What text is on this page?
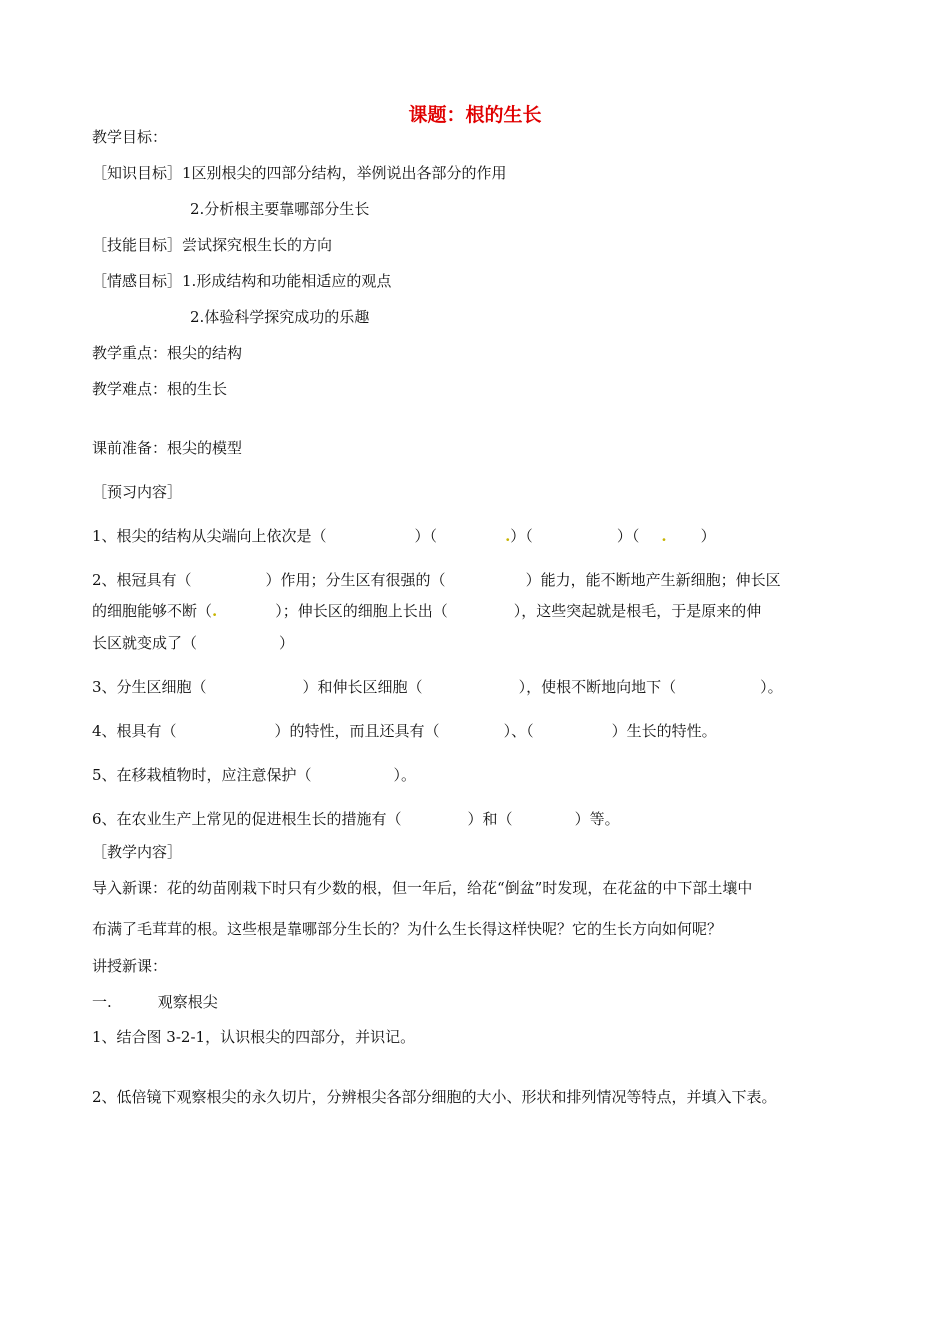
课题：根的生长
教学目标：
［知识目标］1区别根尖的四部分结构，举例说出各部分的作用
2.分析根主要靠哪部分生长
［技能目标］尝试探究根生长的方向
［情感目标］1.形成结构和功能相适应的观点
2.体验科学探究成功的乐趣
教学重点：根尖的结构
教学难点：根的生长
课前准备：根尖的模型
［预习内容］
1、根尖的结构从尖端向上依次是（	）（	.）（	）（ . ）
2、根冠具有（	）作用；分生区有很强的（	）能力，能不断地产生新细胞；伸长区
的细胞能够不断（.	）；伸长区的细胞上长出（	），这些突起就是根毛，于是原来的伸
长区就变成了（	）
3、分生区细胞（	）和伸长区细胞（	），使根不断地向地下（	）。
4、根具有（	）的特性，而且还具有（	）、（	）生长的特性。
5、在移栽植物时，应注意保护（	）。
6、在农业生产上常见的促进根生长的措施有（	）和（	）等。
［教学内容］
导入新课：花的幼苗刚栽下时只有少数的根，但一年后，给花“倒盆”时发现，在花盆的中下部土壤中
布满了毛茸茸的根。这些根是靠哪部分生长的？为什么生长得这样快呢？它的生长方向如何呢？
讲授新课：
一.	观察根尖
1、结合图 3-2-1，认识根尖的四部分，并识记。
2、低倍镜下观察根尖的永久切片，分辨根尖各部分细胞的大小、形状和排列情况等特点，并填入下表。
